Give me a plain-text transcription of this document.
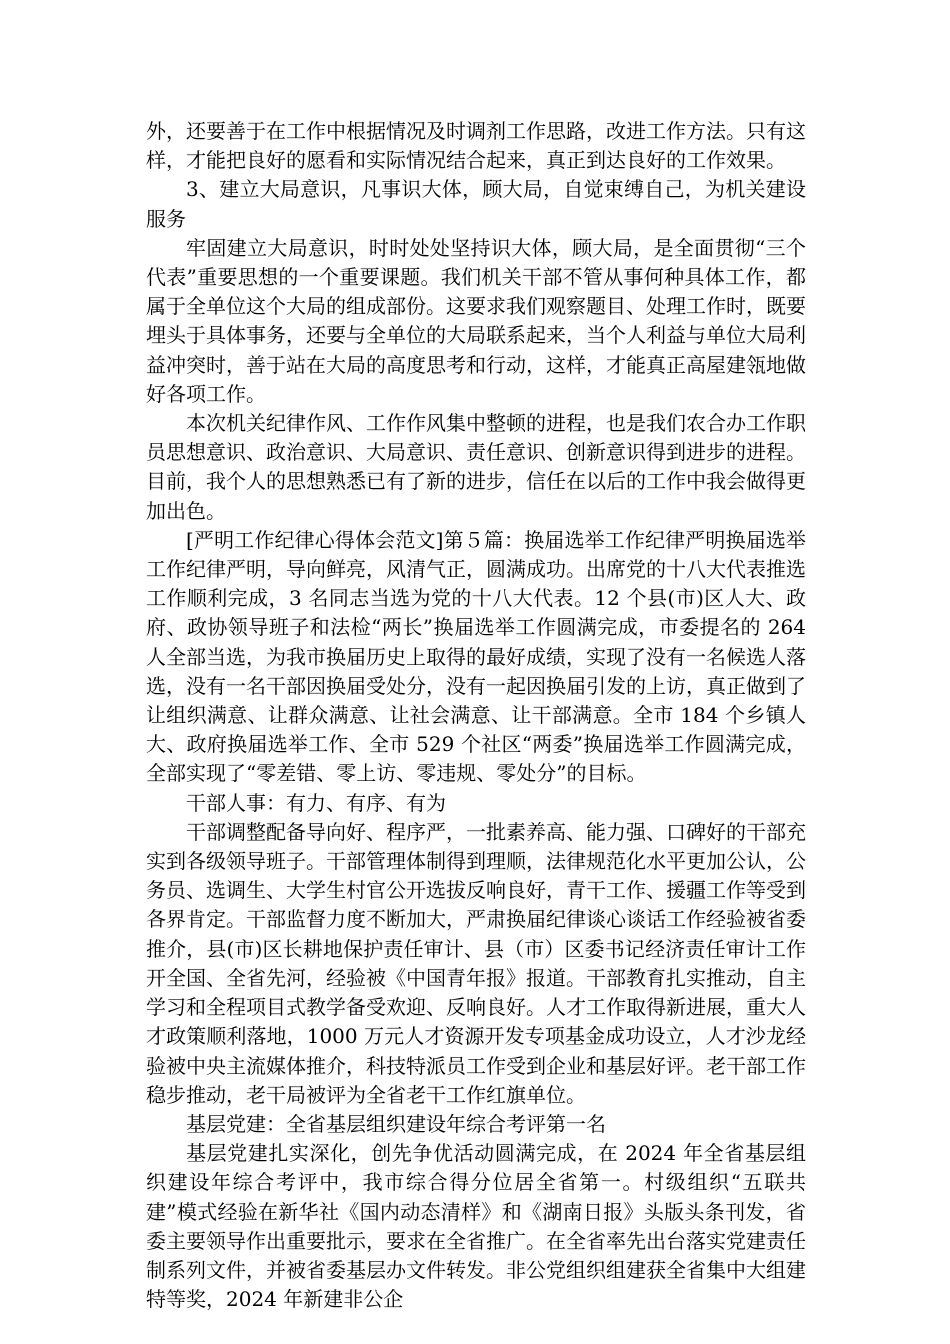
外，还要善于在工作中根据情况及时调剂工作思路，改进工作方法。只有这样，才能把良好的愿看和实际情况结合起来，真正到达良好的工作效果。

3、建立大局意识，凡事识大体，顾大局，自觉束缚自己，为机关建设服务

牢固建立大局意识，时时处处坚持识大体，顾大局，是全面贯彻“三个代表”重要思想的一个重要课题。我们机关干部不管从事何种具体工作，都属于全单位这个大局的组成部份。这要求我们观察题目、处理工作时，既要埋头于具体事务，还要与全单位的大局联系起来，当个人利益与单位大局利益冲突时，善于站在大局的高度思考和行动，这样，才能真正高屋建瓴地做好各项工作。

本次机关纪律作风、工作作风集中整顿的进程，也是我们农合办工作职员思想意识、政治意识、大局意识、责任意识、创新意识得到进步的进程。目前，我个人的思想熟悉已有了新的进步，信任在以后的工作中我会做得更加出色。

[严明工作纪律心得体会范文]第５篇：换届选举工作纪律严明换届选举工作纪律严明，导向鲜亮，风清气正，圆满成功。出席党的十八大代表推选工作顺利完成，3 名同志当选为党的十八大代表。12 个县(市)区人大、政府、政协领导班子和法检“两长”换届选举工作圆满完成，市委提名的 264 人全部当选，为我市换届历史上取得的最好成绩，实现了没有一名候选人落选，没有一名干部因换届受处分，没有一起因换届引发的上访，真正做到了让组织满意、让群众满意、让社会满意、让干部满意。全市 184 个乡镇人大、政府换届选举工作、全市 529 个社区“两委”换届选举工作圆满完成，全部实现了“零差错、零上访、零违规、零处分”的目标。

干部人事：有力、有序、有为

干部调整配备导向好、程序严，一批素养高、能力强、口碑好的干部充实到各级领导班子。干部管理体制得到理顺，法律规范化水平更加公认，公务员、选调生、大学生村官公开选拔反响良好，青干工作、援疆工作等受到各界肯定。干部监督力度不断加大，严肃换届纪律谈心谈话工作经验被省委推介，县(市)区长耕地保护责任审计、县（市）区委书记经济责任审计工作开全国、全省先河，经验被《中国青年报》报道。干部教育扎实推动，自主学习和全程项目式教学备受欢迎、反响良好。人才工作取得新进展，重大人才政策顺利落地，1000 万元人才资源开发专项基金成功设立，人才沙龙经验被中央主流媒体推介，科技特派员工作受到企业和基层好评。老干部工作稳步推动，老干局被评为全省老干工作红旗单位。

基层党建：全省基层组织建设年综合考评第一名

基层党建扎实深化，创先争优活动圆满完成，在 2024 年全省基层组织建设年综合考评中，我市综合得分位居全省第一。村级组织“五联共建”模式经验在新华社《国内动态清样》和《湖南日报》头版头条刊发，省委主要领导作出重要批示，要求在全省推广。在全省率先出台落实党建责任制系列文件，并被省委基层办文件转发。非公党组织组建获全省集中大组建特等奖，2024 年新建非公企
